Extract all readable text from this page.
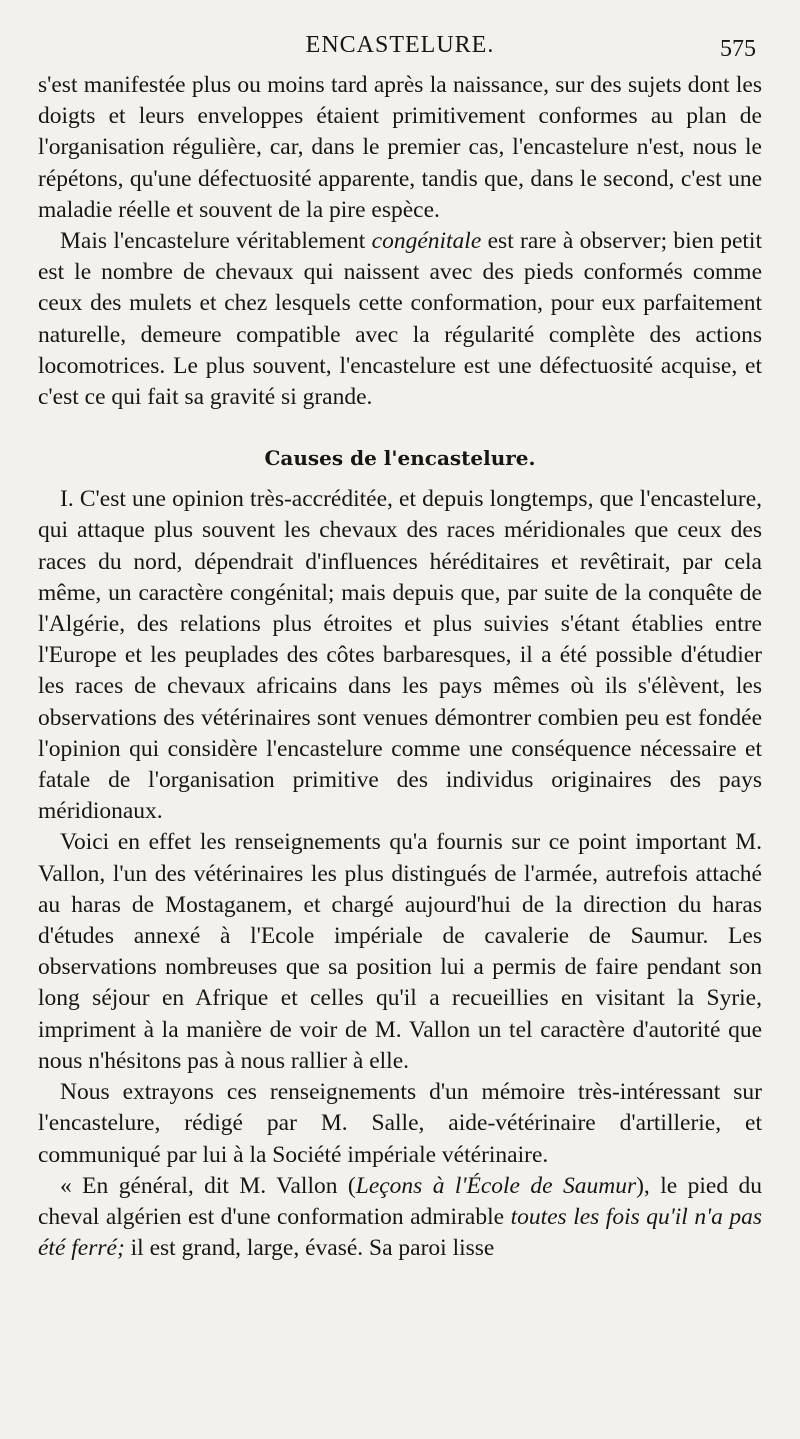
ENCASTELURE.	575

s'est manifestée plus ou moins tard après la naissance, sur des sujets dont les doigts et leurs enveloppes étaient primitivement conformes au plan de l'organisation régulière, car, dans le premier cas, l'encastelure n'est, nous le répétons, qu'une défectuosité apparente, tandis que, dans le second, c'est une maladie réelle et souvent de la pire espèce.

Mais l'encastelure véritablement congénitale est rare à observer; bien petit est le nombre de chevaux qui naissent avec des pieds conformés comme ceux des mulets et chez lesquels cette conformation, pour eux parfaitement naturelle, demeure compatible avec la régularité complète des actions locomotrices. Le plus souvent, l'encastelure est une défectuosité acquise, et c'est ce qui fait sa gravité si grande.

Causes de l'encastelure.

I. C'est une opinion très-accréditée, et depuis longtemps, que l'encastelure, qui attaque plus souvent les chevaux des races méridionales que ceux des races du nord, dépendrait d'influences héréditaires et revêtirait, par cela même, un caractère congénital; mais depuis que, par suite de la conquête de l'Algérie, des relations plus étroites et plus suivies s'étant établies entre l'Europe et les peuplades des côtes barbaresques, il a été possible d'étudier les races de chevaux africains dans les pays mêmes où ils s'élèvent, les observations des vétérinaires sont venues démontrer combien peu est fondée l'opinion qui considère l'encastelure comme une conséquence nécessaire et fatale de l'organisation primitive des individus originaires des pays méridionaux.

Voici en effet les renseignements qu'a fournis sur ce point important M. Vallon, l'un des vétérinaires les plus distingués de l'armée, autrefois attaché au haras de Mostaganem, et chargé aujourd'hui de la direction du haras d'études annexé à l'Ecole impériale de cavalerie de Saumur. Les observations nombreuses que sa position lui a permis de faire pendant son long séjour en Afrique et celles qu'il a recueillies en visitant la Syrie, impriment à la manière de voir de M. Vallon un tel caractère d'autorité que nous n'hésitons pas à nous rallier à elle.

Nous extrayons ces renseignements d'un mémoire très-intéressant sur l'encastelure, rédigé par M. Salle, aide-vétérinaire d'artillerie, et communiqué par lui à la Société impériale vétérinaire.

« En général, dit M. Vallon (Leçons à l'École de Saumur), le pied du cheval algérien est d'une conformation admirable toutes les fois qu'il n'a pas été ferré; il est grand, large, évasé. Sa paroi lisse
